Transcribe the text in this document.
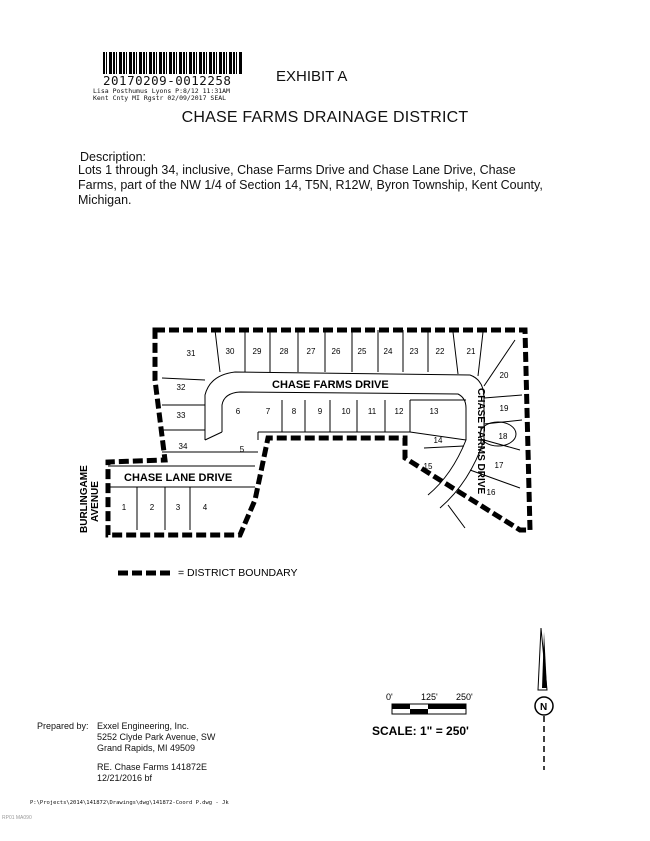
20170209-0012258
Lisa Posthumus Lyons P:8/12 11:31AM
Kent Cnty MI Rgstr 02/09/2017 SEAL
EXHIBIT A
CHASE FARMS DRAINAGE DISTRICT
Description:
Lots 1 through 34, inclusive, Chase Farms Drive and Chase Lane Drive, Chase Farms, part of the NW 1/4 of Section 14, T5N, R12W, Byron Township, Kent County, Michigan.
BURLINGAME AVENUE
CHASE FARMS DRIVE
CHASE LANE DRIVE	CHASE FARMS DRIVE
1	2	3	4
5
6	7	8	9 10 11 12	13
14
15
16
17
18
19
20
21
22
23
24
25
26
27
28
29
30
31
32
33
34
= DISTRICT BOUNDARY
0'	125' 250'
SCALE: 1" = 250'
N
Prepared by: Exxel Engineering, Inc.
5252 Clyde Park Avenue, SW
Grand Rapids, MI 49509
RE. Chase Farms 141872E
12/21/2016 bf
P:\Projects\2014\141872\Drawings\dwg\141872-Coord P.dwg - Jk
RP01 MA090
